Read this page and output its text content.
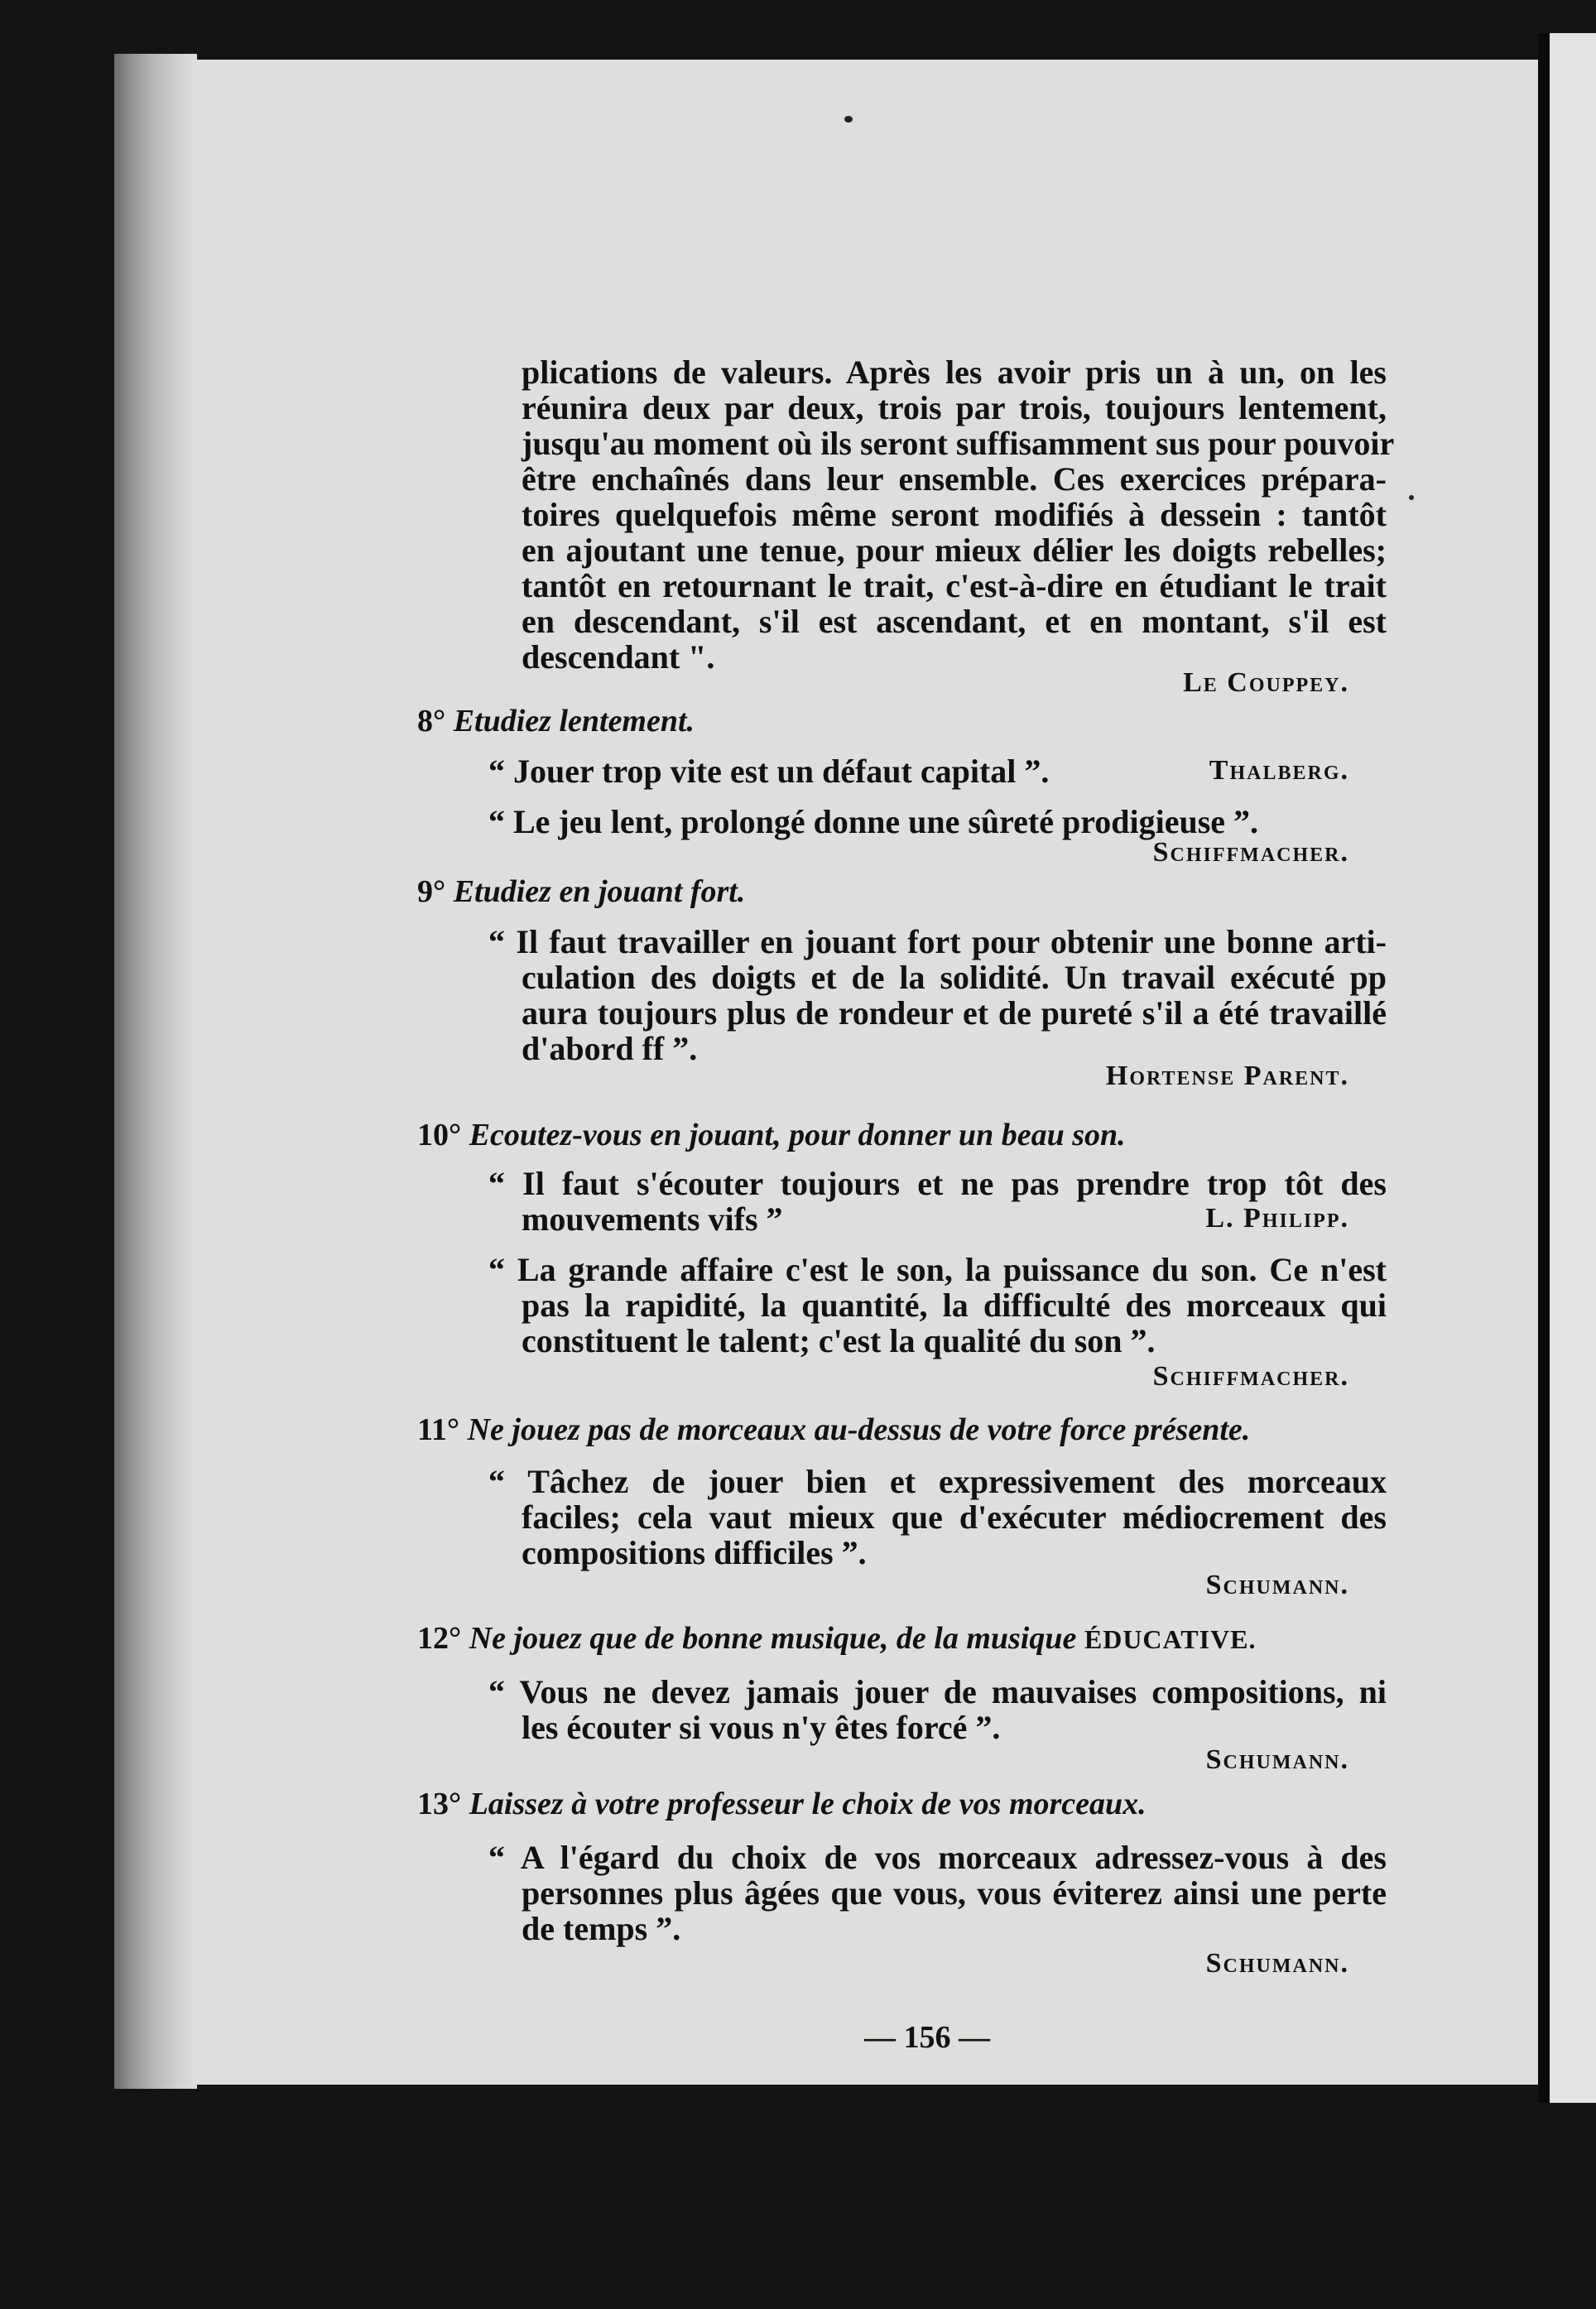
plications de valeurs. Après les avoir pris un à un, on les
réunira deux par deux, trois par trois, toujours lentement,
jusqu'au moment où ils seront suffisamment sus pour pouvoir
être enchaînés dans leur ensemble. Ces exercices prépara-
toires quelquefois même seront modifiés à dessein : tantôt
en ajoutant une tenue, pour mieux délier les doigts rebelles;
tantôt en retournant le trait, c'est-à-dire en étudiant le trait
en descendant, s'il est ascendant, et en montant, s'il est
descendant ".
Le Couppey.
8° Etudiez lentement.
“ Jouer trop vite est un défaut capital ”.	Thalberg.
“ Le jeu lent, prolongé donne une sûreté prodigieuse ”.
Schiffmacher.
9° Etudiez en jouant fort.
“ Il faut travailler en jouant fort pour obtenir une bonne arti-
culation des doigts et de la solidité. Un travail exécuté pp
aura toujours plus de rondeur et de pureté s'il a été travaillé
d'abord ff ”.
Hortense Parent.
10° Ecoutez-vous en jouant, pour donner un beau son.
“ Il faut s'écouter toujours et ne pas prendre trop tôt des
mouvements vifs ”	L. Philipp.
“ La grande affaire c'est le son, la puissance du son. Ce n'est
pas la rapidité, la quantité, la difficulté des morceaux qui
constituent le talent; c'est la qualité du son ”.
Schiffmacher.
11° Ne jouez pas de morceaux au-dessus de votre force présente.
“ Tâchez de jouer bien et expressivement des morceaux
faciles; cela vaut mieux que d'exécuter médiocrement des
compositions difficiles ”.
Schumann.
12° Ne jouez que de bonne musique, de la musique ÉDUCATIVE.
“ Vous ne devez jamais jouer de mauvaises compositions, ni
les écouter si vous n'y êtes forcé ”.
Schumann.
13° Laissez à votre professeur le choix de vos morceaux.
“ A l'égard du choix de vos morceaux adressez-vous à des
personnes plus âgées que vous, vous éviterez ainsi une perte
de temps ”.
Schumann.
— 156 —
